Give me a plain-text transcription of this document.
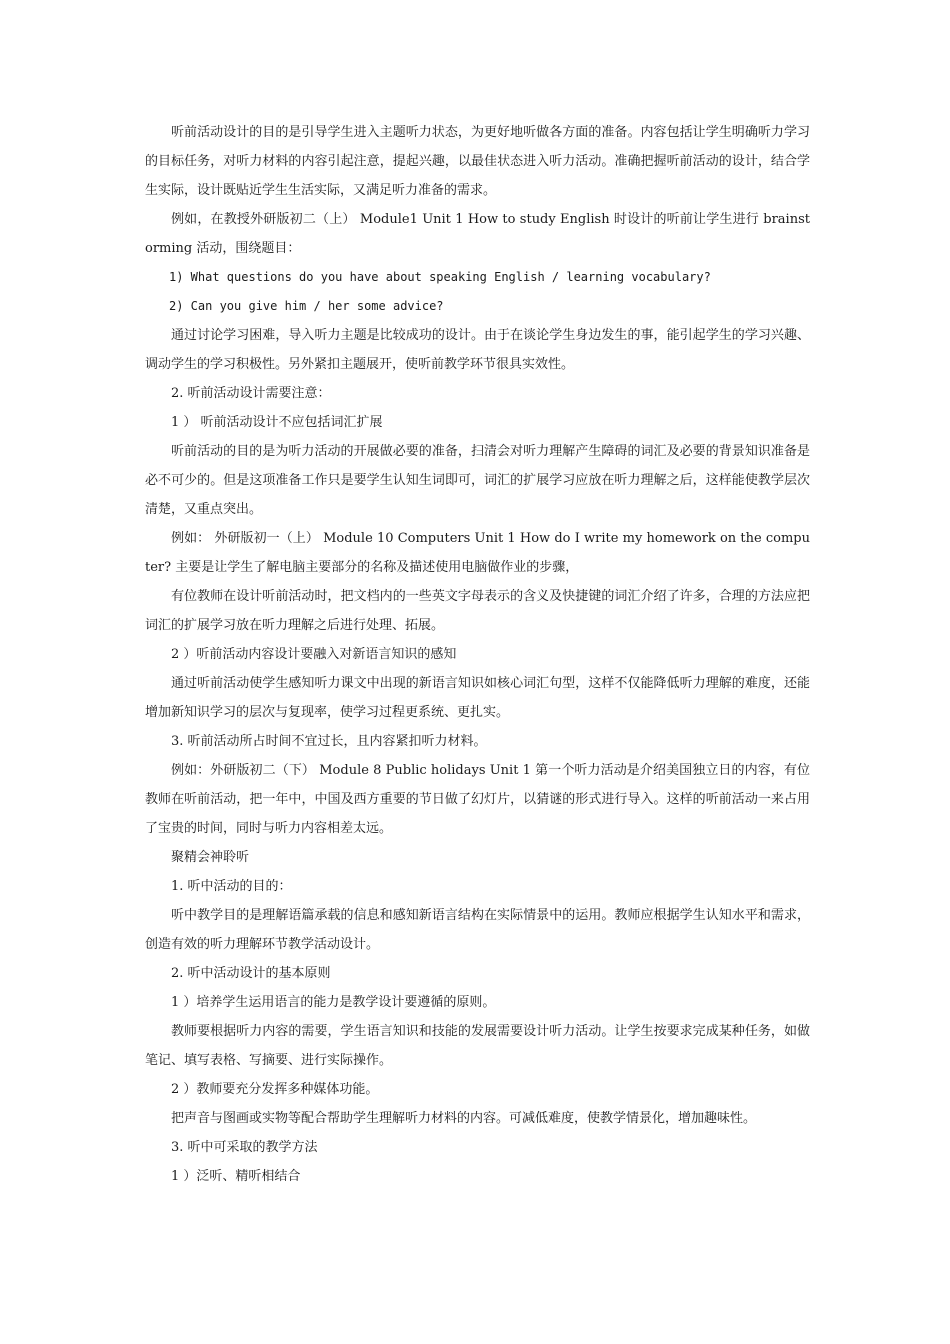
听前活动设计的目的是引导学生进入主题听力状态，为更好地听做各方面的准备。内容包括让学生明确听力学习的目标任务，对听力材料的内容引起注意，提起兴趣，以最佳状态进入听力活动。准确把握听前活动的设计，结合学生实际，设计既贴近学生生活实际，又满足听力准备的需求。

例如，在教授外研版初二（上） Module1 Unit 1 How to study English 时设计的听前让学生进行 brainstorming 活动，围绕题目：

1) What questions do you have about speaking English / learning vocabulary?

2) Can you give him / her some advice?

通过讨论学习困难，导入听力主题是比较成功的设计。由于在谈论学生身边发生的事，能引起学生的学习兴趣、调动学生的学习积极性。另外紧扣主题展开，使听前教学环节很具实效性。

2. 听前活动设计需要注意：

1 ） 听前活动设计不应包括词汇扩展

听前活动的目的是为听力活动的开展做必要的准备，扫清会对听力理解产生障碍的词汇及必要的背景知识准备是必不可少的。但是这项准备工作只是要学生认知生词即可，词汇的扩展学习应放在听力理解之后，这样能使教学层次清楚，又重点突出。

例如： 外研版初一（上） Module 10 Computers Unit 1 How do I write my homework on the computer? 主要是让学生了解电脑主要部分的名称及描述使用电脑做作业的步骤，

有位教师在设计听前活动时，把文档内的一些英文字母表示的含义及快捷键的词汇介绍了许多，合理的方法应把词汇的扩展学习放在听力理解之后进行处理、拓展。

2 ）听前活动内容设计要融入对新语言知识的感知

通过听前活动使学生感知听力课文中出现的新语言知识如核心词汇句型，这样不仅能降低听力理解的难度，还能增加新知识学习的层次与复现率，使学习过程更系统、更扎实。

3. 听前活动所占时间不宜过长，且内容紧扣听力材料。

例如：外研版初二（下） Module 8 Public holidays Unit 1 第一个听力活动是介绍美国独立日的内容，有位教师在听前活动，把一年中，中国及西方重要的节日做了幻灯片，以猜谜的形式进行导入。这样的听前活动一来占用了宝贵的时间，同时与听力内容相差太远。

聚精会神聆听

1. 听中活动的目的：

听中教学目的是理解语篇承载的信息和感知新语言结构在实际情景中的运用。教师应根据学生认知水平和需求，创造有效的听力理解环节教学活动设计。

2. 听中活动设计的基本原则

1 ）培养学生运用语言的能力是教学设计要遵循的原则。

教师要根据听力内容的需要，学生语言知识和技能的发展需要设计听力活动。让学生按要求完成某种任务，如做笔记、填写表格、写摘要、进行实际操作。

2 ）教师要充分发挥多种媒体功能。

把声音与图画或实物等配合帮助学生理解听力材料的内容。可减低难度，使教学情景化，增加趣味性。

3. 听中可采取的教学方法

1 ）泛听、精听相结合
